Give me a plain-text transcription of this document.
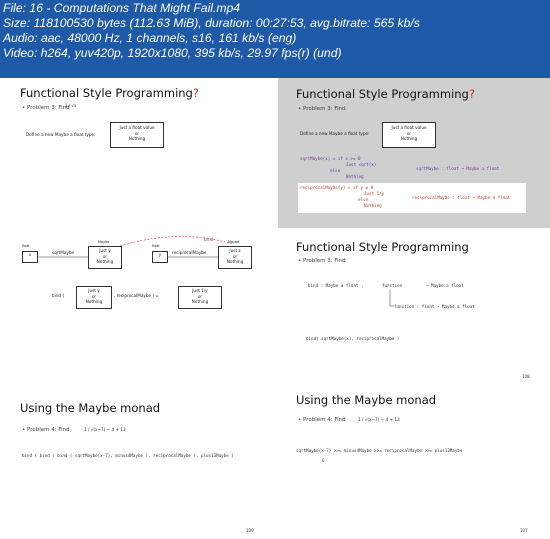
File: 16 - Computations That Might Fail.mp4
Size: 118100530 bytes (112.63 MiB), duration: 00:27:53, avg.bitrate: 565 kb/s
Audio: aac, 48000 Hz, 1 channels, s16, 161 kb/s (eng)
Video: h264, yuv420p, 1920x1080, 395 kb/s, 29.97 fps(r) (und)
Functional Style Programming?
• Problem 3: Find
1 / √x
Define a new Maybe a float type:
Just a float value
or
Nothing
Functional Style Programming?
• Problem 3: Find
Define a new Maybe a float type:
Just a float value
or
Nothing
sqrtMaybe(x) = if x >= 0
Just sqrt(x)
else
Nothing
sqrtMaybe : float → Maybe a float
reciprocalMaybe(y) = if y ≠ 0
Just 1/y
else
Nothing
reciprocalMaybe : float → Maybe a float
float
x	sqrtMaybe
Maybe
Just y
or
Nothing
float
y	reciprocalMaybe
bind	Maybe
Just z
or
Nothing
bind (
Just y
or
Nothing
, reciprocalMaybe ) =
Just 1/y
or
Nothing
Functional Style Programming
• Problem 3: Find
bind : Maybe a float ,	function	→ Maybe a float
function : float → Maybe a float
bind( sqrtMaybe(x), reciprocalMaybe )
108
Using the Maybe monad
• Problem 4: Find	1 / √(x−7) − 4 + 13
bind ( bind ( bind ( sqrtMaybe(x-7), minus4Maybe ), reciprocalMaybe ), plus13Maybe )
109
Using the Maybe monad
• Problem 4: Find	1 / √(x−7) − 4 + 13
sqrtMaybe(x-7) >>= minus4Maybe >>= reciprocalMaybe >>= plus13Maybe
6
107
